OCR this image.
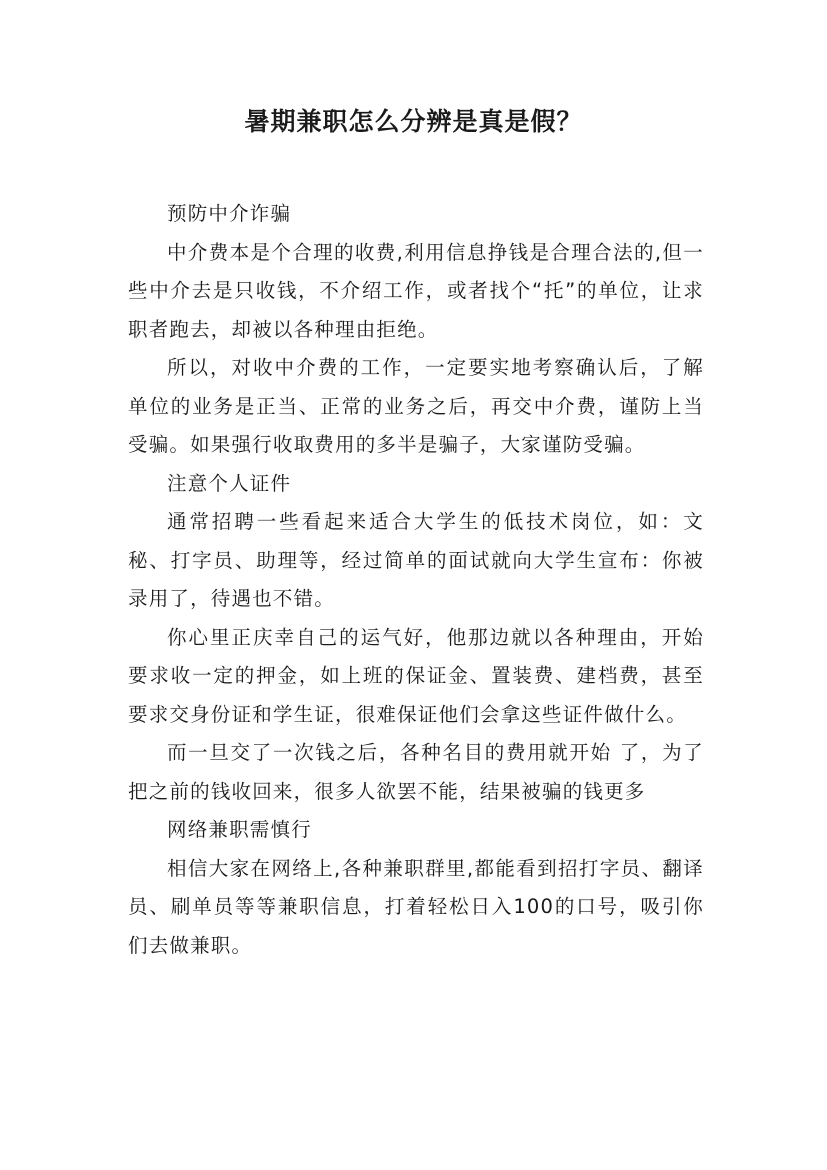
暑期兼职怎么分辨是真是假？

预防中介诈骗

中介费本是个合理的收费,利用信息挣钱是合理合法的,但一些中介去是只收钱，不介绍工作，或者找个“托”的单位，让求职者跑去，却被以各种理由拒绝。

所以，对收中介费的工作，一定要实地考察确认后，了解单位的业务是正当、正常的业务之后，再交中介费，谨防上当受骗。如果强行收取费用的多半是骗子，大家谨防受骗。

注意个人证件

通常招聘一些看起来适合大学生的低技术岗位，如：文秘、打字员、助理等，经过简单的面试就向大学生宣布：你被录用了，待遇也不错。

你心里正庆幸自己的运气好，他那边就以各种理由，开始要求收一定的押金，如上班的保证金、置装费、建档费，甚至要求交身份证和学生证，很难保证他们会拿这些证件做什么。

而一旦交了一次钱之后，各种名目的费用就开始 了，为了把之前的钱收回来，很多人欲罢不能，结果被骗的钱更多

网络兼职需慎行

相信大家在网络上,各种兼职群里,都能看到招打字员、翻译员、刷单员等等兼职信息，打着轻松日入100的口号，吸引你们去做兼职。
